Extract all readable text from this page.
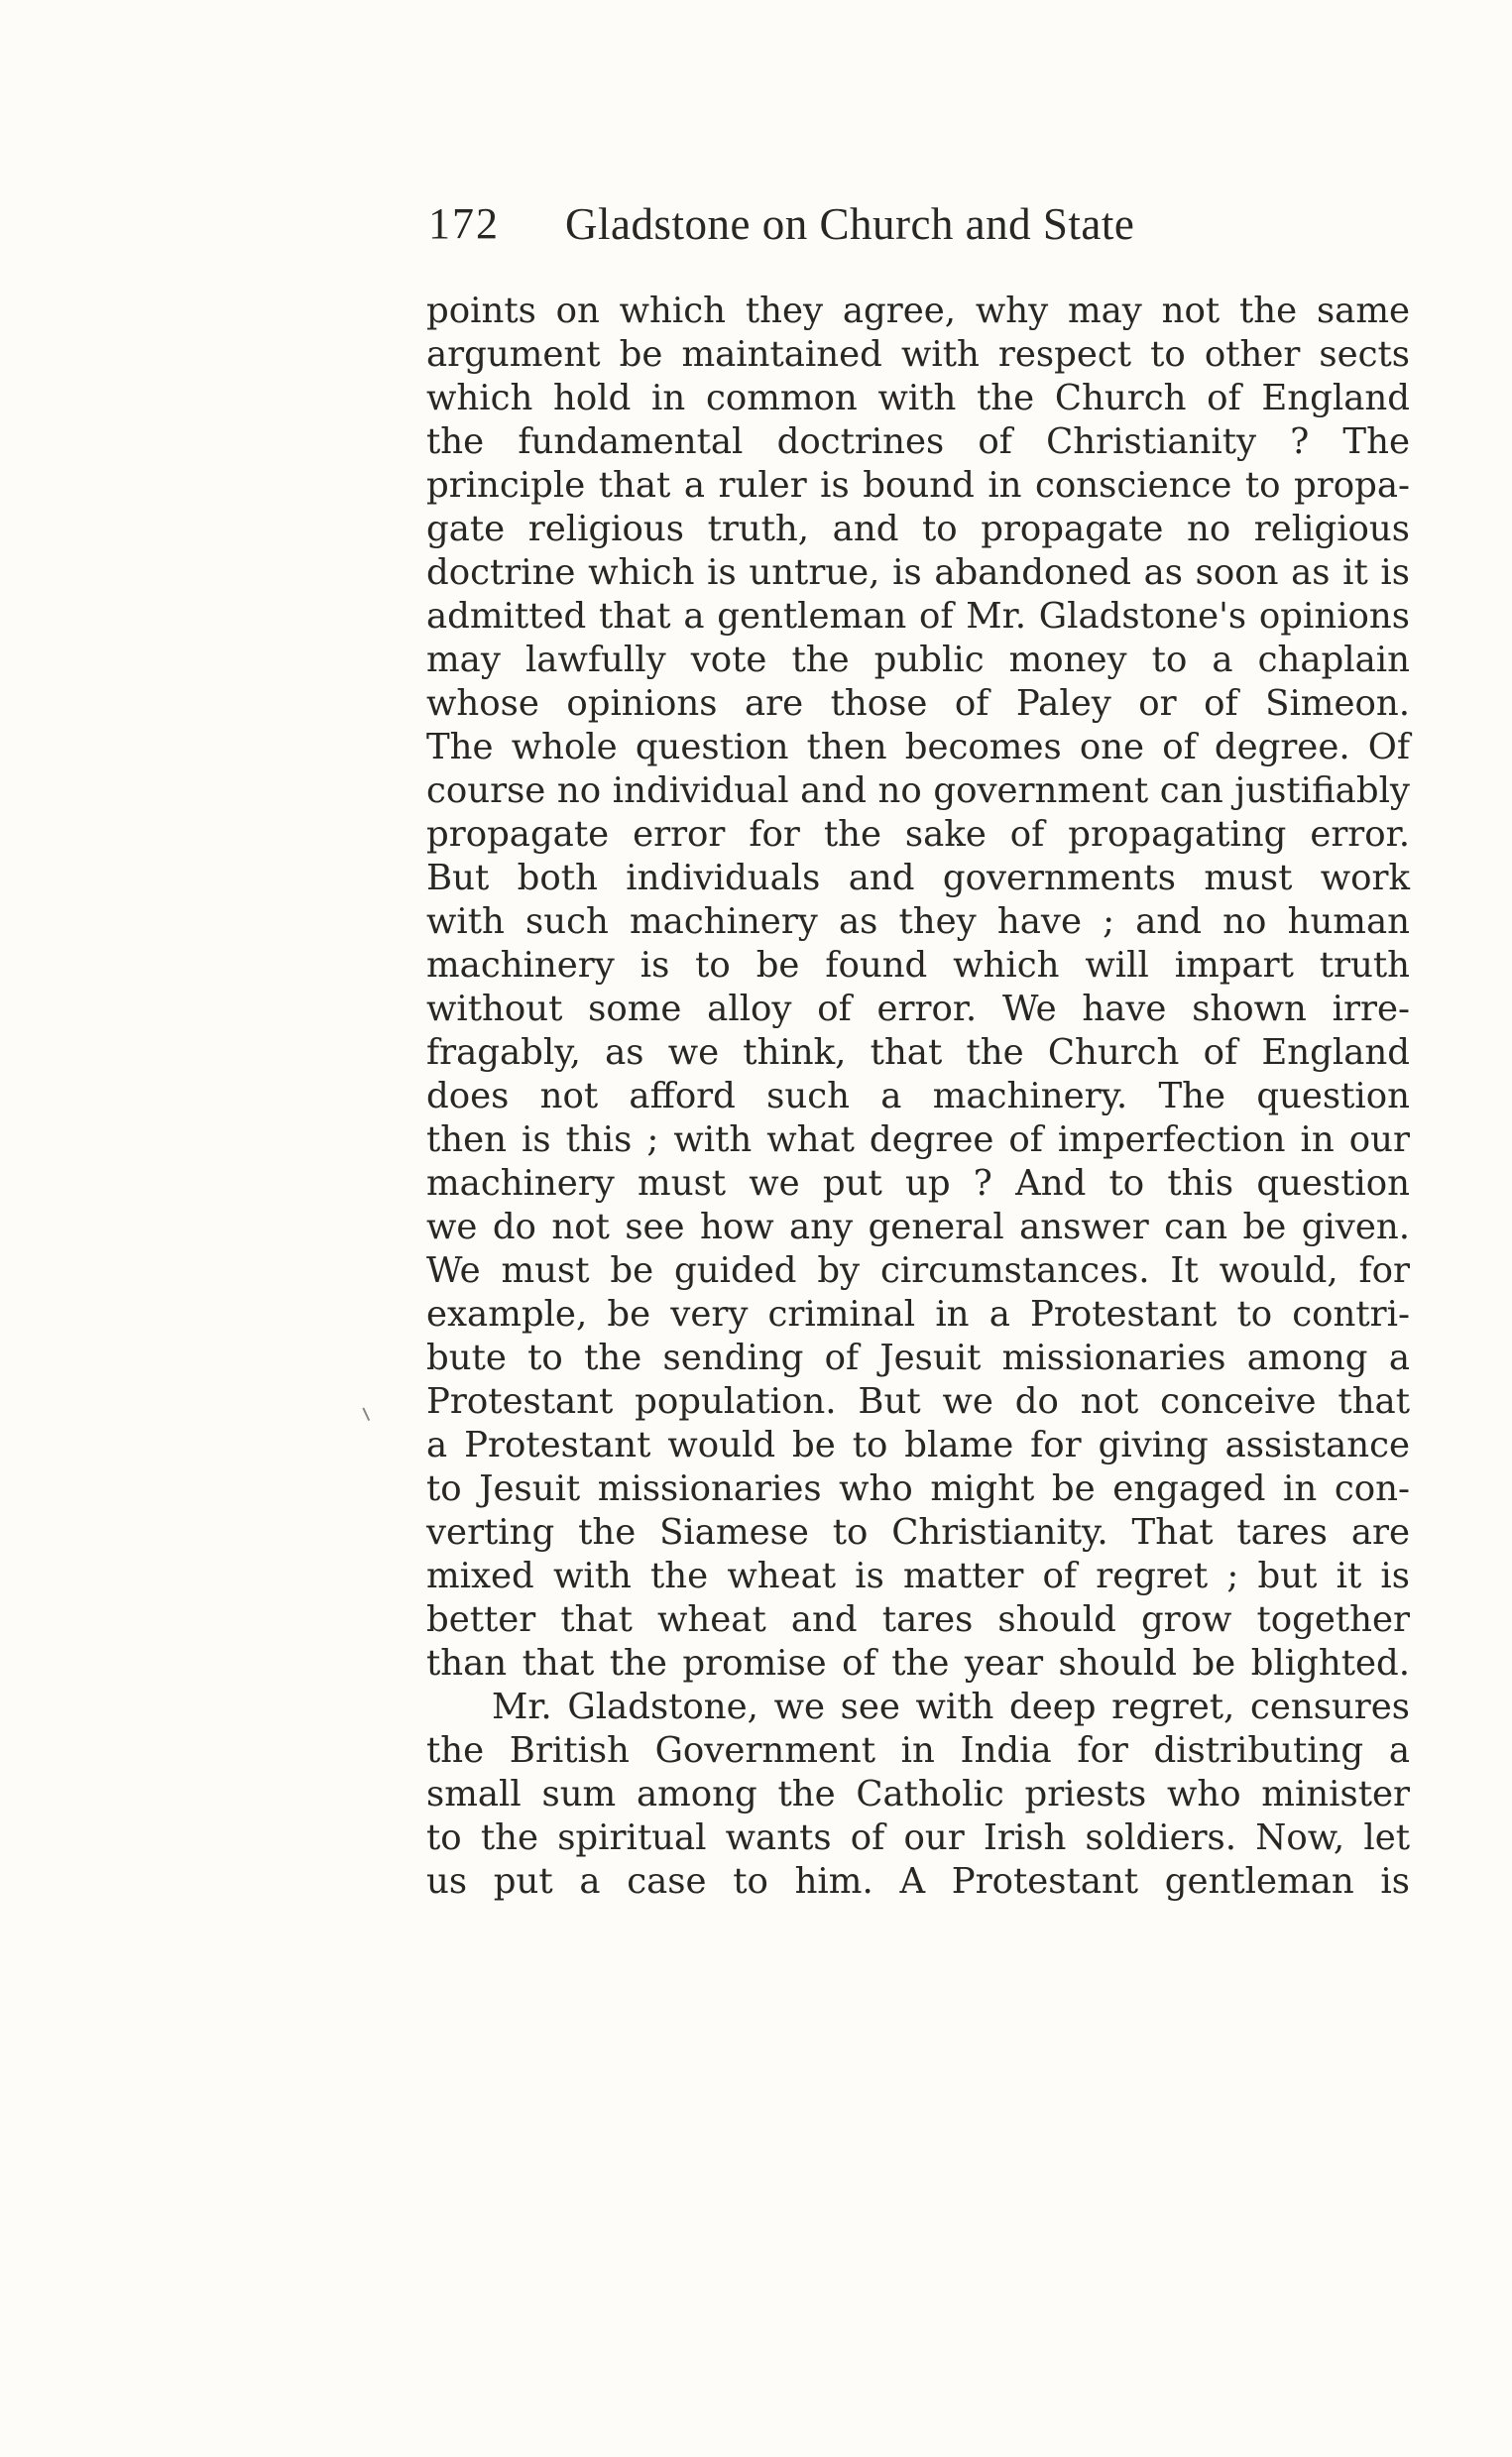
172 Gladstone on Church and State
points on which they agree, why may not the same
argument be maintained with respect to other sects
which hold in common with the Church of England
the fundamental doctrines of Christianity ? The
principle that a ruler is bound in conscience to propa-
gate religious truth, and to propagate no religious
doctrine which is untrue, is abandoned as soon as it is
admitted that a gentleman of Mr. Gladstone's opinions
may lawfully vote the public money to a chaplain
whose opinions are those of Paley or of Simeon.
The whole question then becomes one of degree. Of
course no individual and no government can justifiably
propagate error for the sake of propagating error.
But both individuals and governments must work
with such machinery as they have ; and no human
machinery is to be found which will impart truth
without some alloy of error. We have shown irre-
fragably, as we think, that the Church of England
does not afford such a machinery. The question
then is this ; with what degree of imperfection in our
machinery must we put up ? And to this question
we do not see how any general answer can be given.
We must be guided by circumstances. It would, for
example, be very criminal in a Protestant to contri-
bute to the sending of Jesuit missionaries among a
Protestant population. But we do not conceive that
a Protestant would be to blame for giving assistance
to Jesuit missionaries who might be engaged in con-
verting the Siamese to Christianity. That tares are
mixed with the wheat is matter of regret ; but it is
better that wheat and tares should grow together
than that the promise of the year should be blighted.
Mr. Gladstone, we see with deep regret, censures
the British Government in India for distributing a
small sum among the Catholic priests who minister
to the spiritual wants of our Irish soldiers. Now, let
us put a case to him. A Protestant gentleman is
